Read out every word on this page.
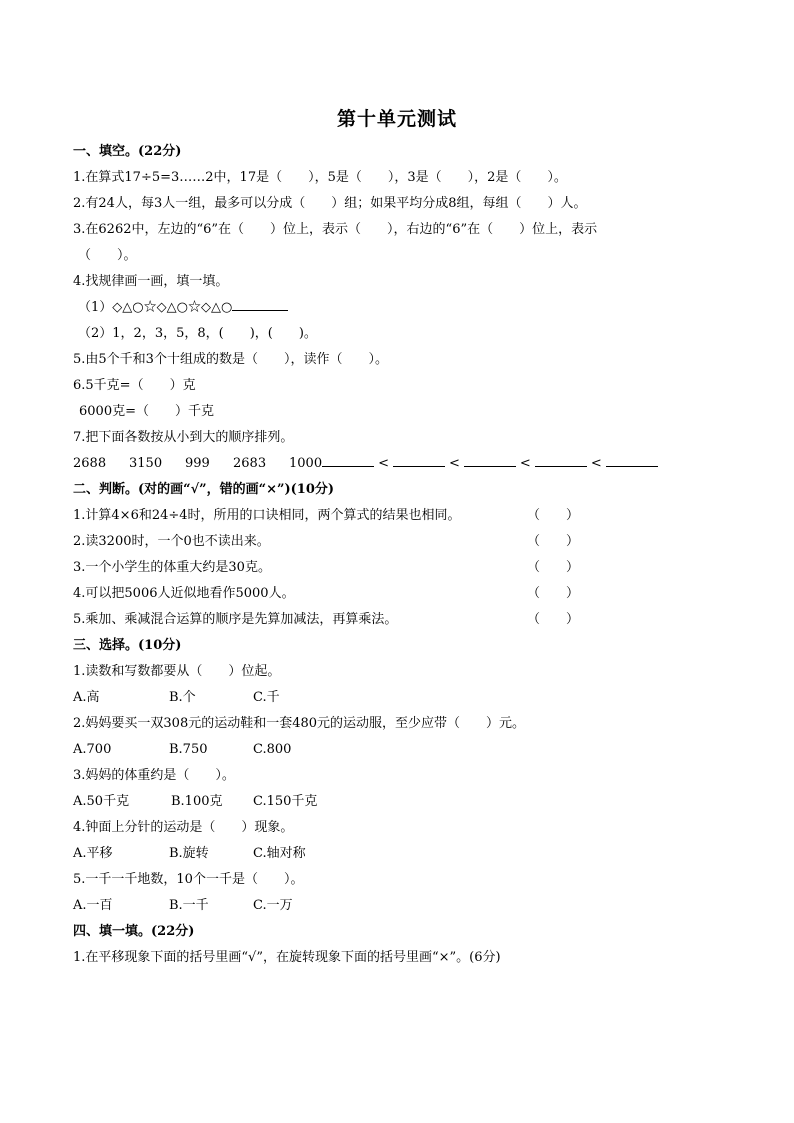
第十单元测试
一、填空。(22分)
1.在算式17÷5=3……2中，17是（　　），5是（　　），3是（　　），2是（　　）。
2.有24人，每3人一组，最多可以分成（　　）组；如果平均分成8组，每组（　　）人。
3.在6262中，左边的“6”在（　　）位上，表示（　　），右边的“6”在（　　）位上，表示
（　　）。
4.找规律画一画，填一填。
（1）◇△○☆◇△○☆◇△○
（2）1，2，3，5，8，(　　)，(　　)。
5.由5个千和3个十组成的数是（　　），读作（　　）。
6.5千克=（　　）克
6000克=（　　）千克
7.把下面各数按从小到大的顺序排列。
2688 3150 999 2683 1000	<	<	<	<
二、判断。(对的画“√”，错的画“×”)(10分)
1.计算4×6和24÷4时，所用的口诀相同，两个算式的结果也相同。	（　　）
2.读3200时，一个0也不读出来。	（　　）
3.一个小学生的体重大约是30克。	（　　）
4.可以把5006人近似地看作5000人。	（　　）
5.乘加、乘减混合运算的顺序是先算加减法，再算乘法。	（　　）
三、选择。(10分)
1.读数和写数都要从（　　）位起。
A.高	B.个	C.千
2.妈妈要买一双308元的运动鞋和一套480元的运动服，至少应带（　　）元。
A.700	B.750	C.800
3.妈妈的体重约是（　　）。
A.50千克	B.100克 C.150千克
4.钟面上分针的运动是（　　）现象。
A.平移	B.旋转	C.轴对称
5.一千一千地数，10个一千是（　　）。
A.一百	B.一千	C.一万
四、填一填。(22分)
1.在平移现象下面的括号里画“√”，在旋转现象下面的括号里画“×”。(6分)
